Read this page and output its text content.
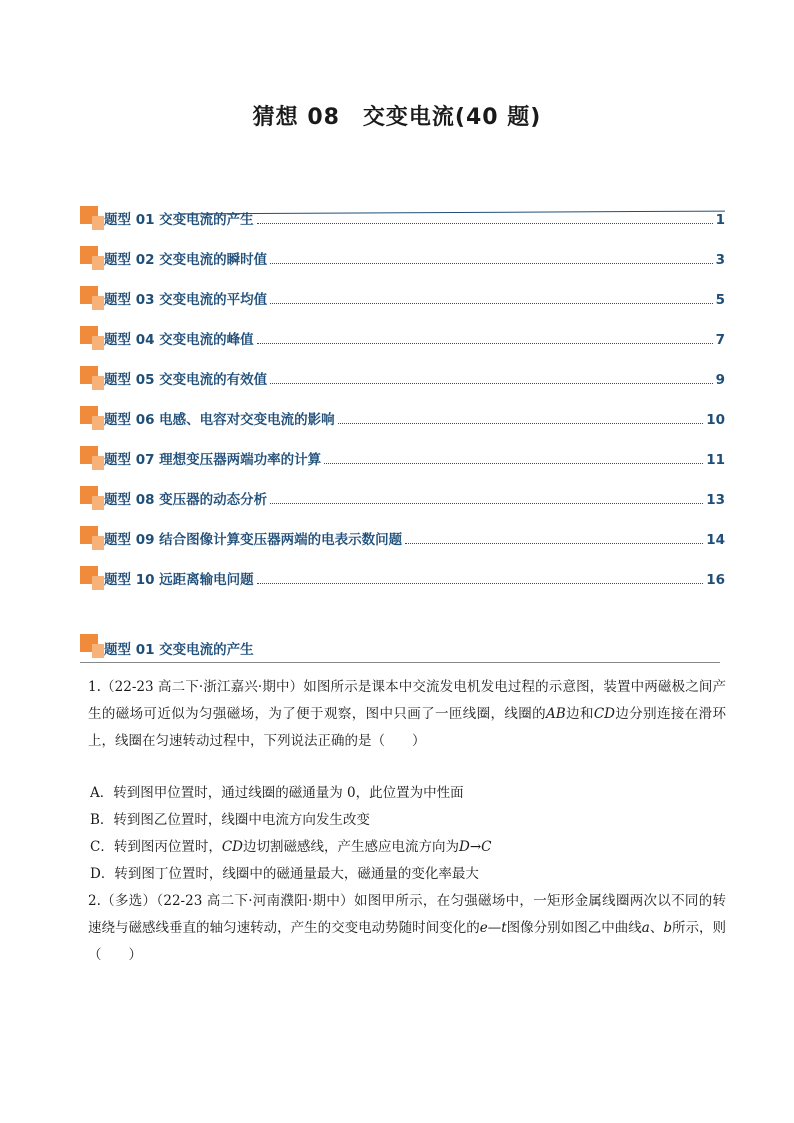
猜想 08　交变电流(40 题)
题型 01 交变电流的产生	1
题型 02 交变电流的瞬时值	3
题型 03 交变电流的平均值	5
题型 04 交变电流的峰值	7
题型 05 交变电流的有效值	9
题型 06 电感、电容对交变电流的影响	10
题型 07 理想变压器两端功率的计算	11
题型 08 变压器的动态分析	13
题型 09 结合图像计算变压器两端的电表示数问题	14
题型 10 远距离输电问题	16
题型 01 交变电流的产生
1.（22-23 高二下·浙江嘉兴·期中）如图所示是课本中交流发电机发电过程的示意图，装置中两磁极之间产生的磁场可近似为匀强磁场，为了便于观察，图中只画了一匝线圈，线圈的AB边和CD边分别连接在滑环上，线圈在匀速转动过程中，下列说法正确的是（　　）
A．转到图甲位置时，通过线圈的磁通量为 0，此位置为中性面
B．转到图乙位置时，线圈中电流方向发生改变
C．转到图丙位置时，CD边切割磁感线，产生感应电流方向为D→C
D．转到图丁位置时，线圈中的磁通量最大，磁通量的变化率最大
2.（多选）（22-23 高二下·河南濮阳·期中）如图甲所示，在匀强磁场中，一矩形金属线圈两次以不同的转速绕与磁感线垂直的轴匀速转动，产生的交变电动势随时间变化的e—t图像分别如图乙中曲线a、b所示，则（　　）
